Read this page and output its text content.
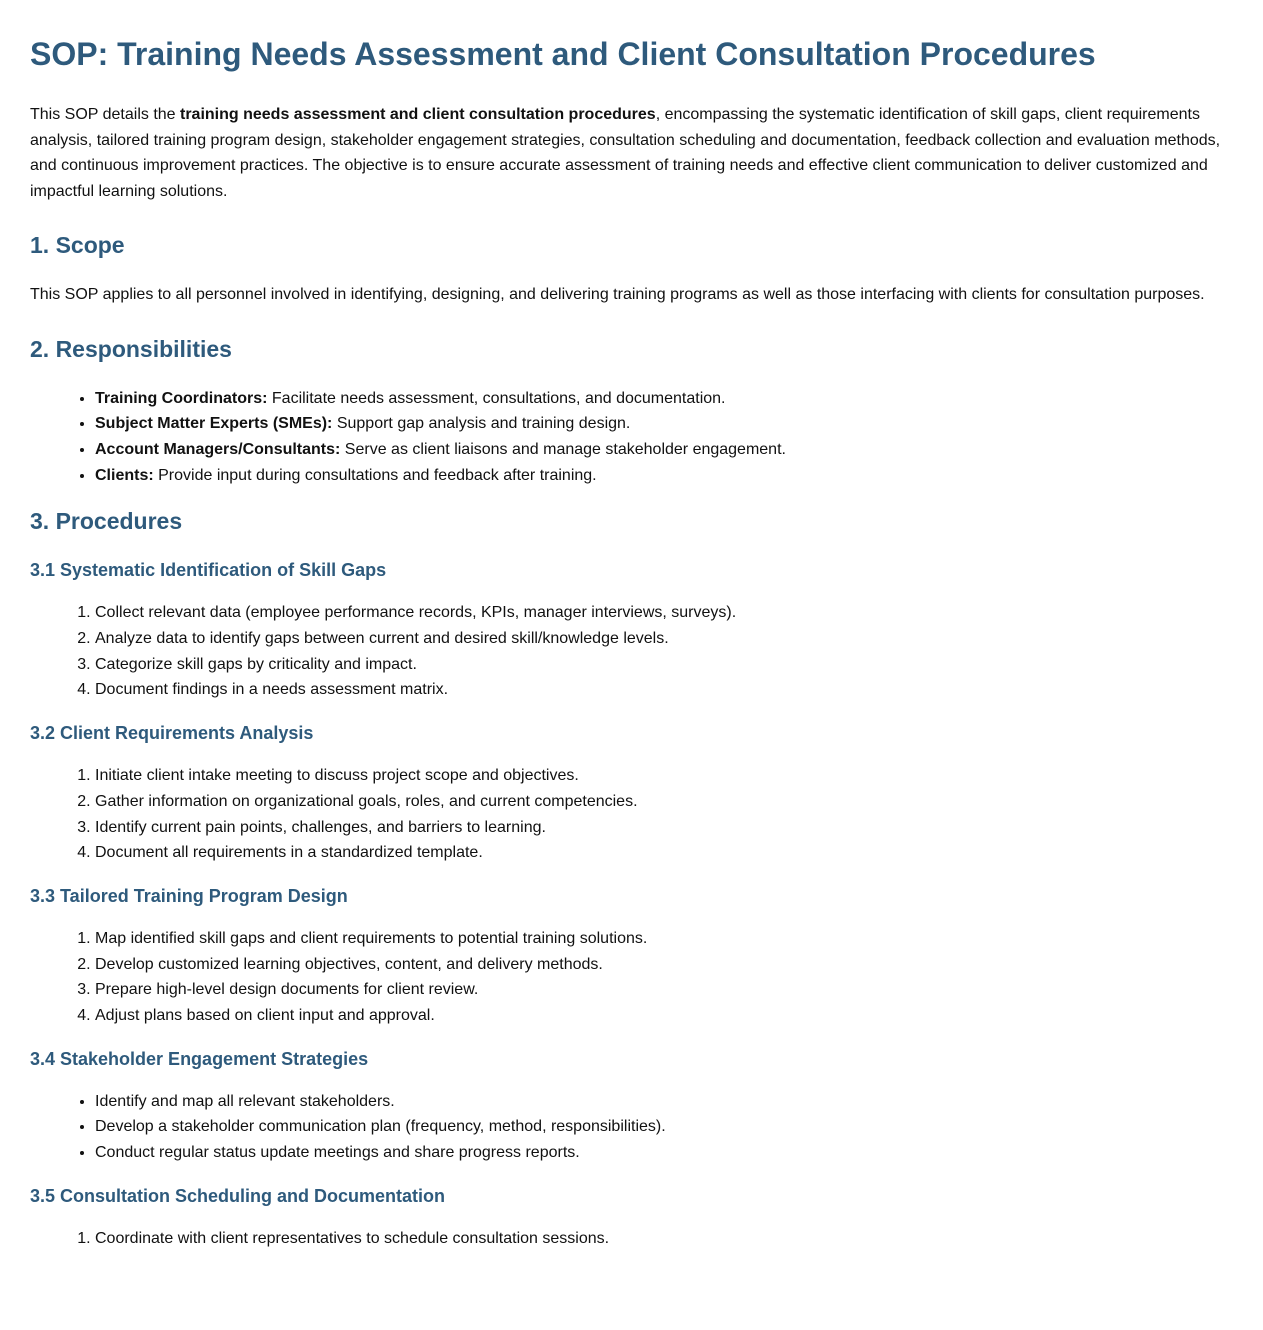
SOP: Training Needs Assessment and Client Consultation Procedures

This SOP details the training needs assessment and client consultation procedures, encompassing the systematic identification of skill gaps, client requirements analysis, tailored training program design, stakeholder engagement strategies, consultation scheduling and documentation, feedback collection and evaluation methods, and continuous improvement practices. The objective is to ensure accurate assessment of training needs and effective client communication to deliver customized and impactful learning solutions.

1. Scope

This SOP applies to all personnel involved in identifying, designing, and delivering training programs as well as those interfacing with clients for consultation purposes.

2. Responsibilities
• Training Coordinators: Facilitate needs assessment, consultations, and documentation.
• Subject Matter Experts (SMEs): Support gap analysis and training design.
• Account Managers/Consultants: Serve as client liaisons and manage stakeholder engagement.
• Clients: Provide input during consultations and feedback after training.
3. Procedures
3.1 Systematic Identification of Skill Gaps
1. Collect relevant data (employee performance records, KPIs, manager interviews, surveys).
2. Analyze data to identify gaps between current and desired skill/knowledge levels.
3. Categorize skill gaps by criticality and impact.
4. Document findings in a needs assessment matrix.
3.2 Client Requirements Analysis
1. Initiate client intake meeting to discuss project scope and objectives.
2. Gather information on organizational goals, roles, and current competencies.
3. Identify current pain points, challenges, and barriers to learning.
4. Document all requirements in a standardized template.
3.3 Tailored Training Program Design
1. Map identified skill gaps and client requirements to potential training solutions.
2. Develop customized learning objectives, content, and delivery methods.
3. Prepare high-level design documents for client review.
4. Adjust plans based on client input and approval.
3.4 Stakeholder Engagement Strategies
• Identify and map all relevant stakeholders.
• Develop a stakeholder communication plan (frequency, method, responsibilities).
• Conduct regular status update meetings and share progress reports.
3.5 Consultation Scheduling and Documentation
1. Coordinate with client representatives to schedule consultation sessions.
